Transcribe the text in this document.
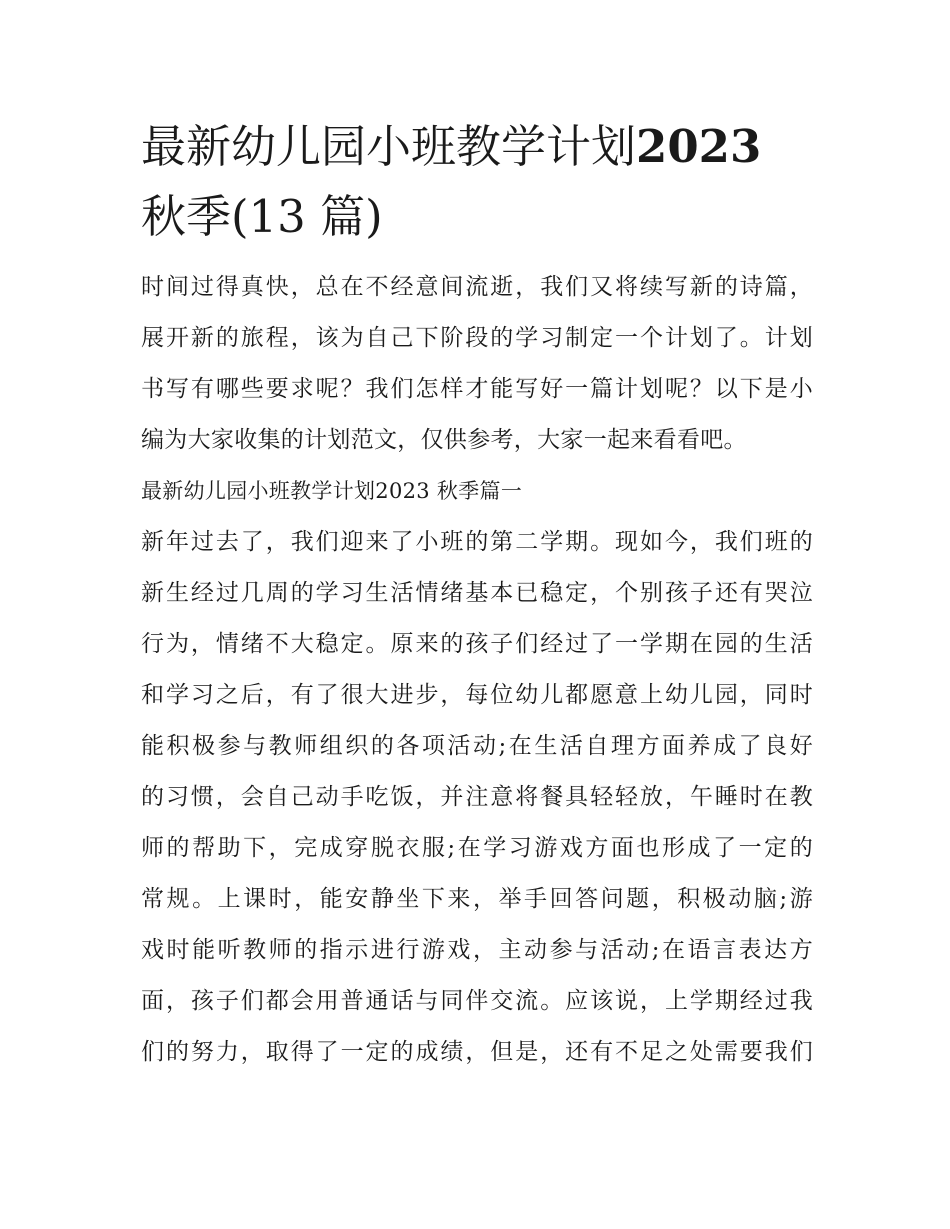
最新幼儿园小班教学计划2023
秋季(13 篇)
时间过得真快，总在不经意间流逝，我们又将续写新的诗篇，
展开新的旅程，该为自己下阶段的学习制定一个计划了。计划
书写有哪些要求呢？我们怎样才能写好一篇计划呢？以下是小
编为大家收集的计划范文，仅供参考，大家一起来看看吧。
最新幼儿园小班教学计划2023 秋季篇一
新年过去了，我们迎来了小班的第二学期。现如今，我们班的
新生经过几周的学习生活情绪基本已稳定，个别孩子还有哭泣
行为，情绪不大稳定。原来的孩子们经过了一学期在园的生活
和学习之后，有了很大进步，每位幼儿都愿意上幼儿园，同时
能积极参与教师组织的各项活动;在生活自理方面养成了良好
的习惯，会自己动手吃饭，并注意将餐具轻轻放，午睡时在教
师的帮助下，完成穿脱衣服;在学习游戏方面也形成了一定的
常规。上课时，能安静坐下来，举手回答问题，积极动脑;游
戏时能听教师的指示进行游戏，主动参与活动;在语言表达方
面，孩子们都会用普通话与同伴交流。应该说，上学期经过我
们的努力，取得了一定的成绩，但是，还有不足之处需要我们
